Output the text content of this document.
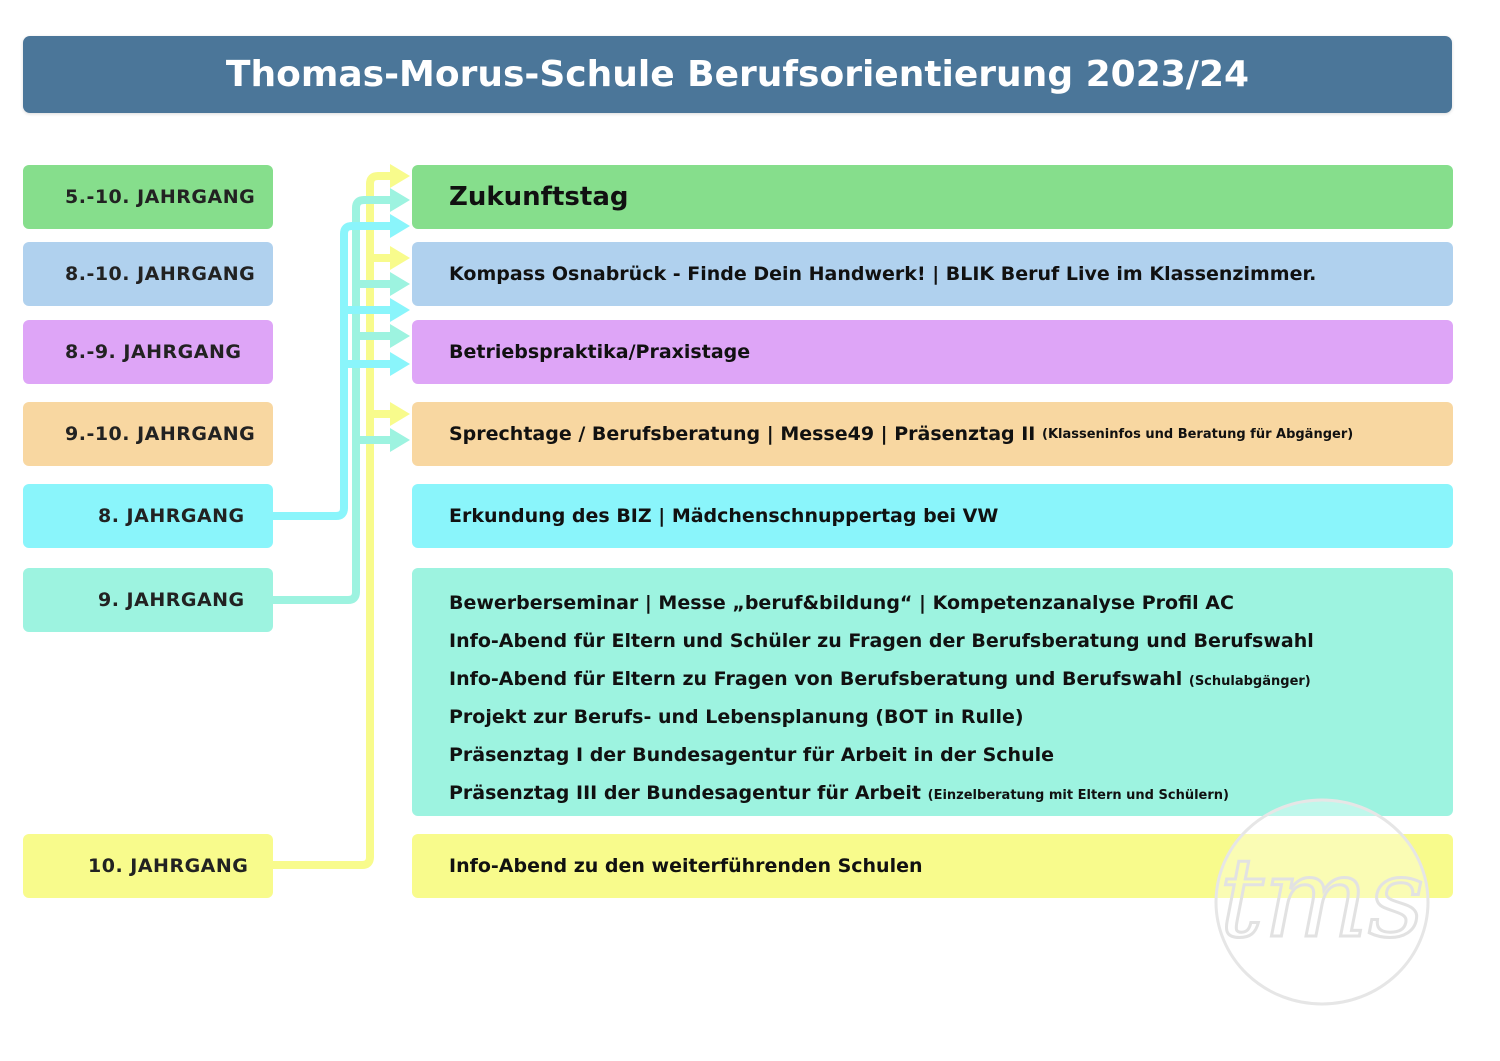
Thomas-Morus-Schule Berufsorientierung 2023/24
5.-10. JAHRGANG
8.-10. JAHRGANG
8.-9. JAHRGANG
9.-10. JAHRGANG
8. JAHRGANG
9. JAHRGANG
10. JAHRGANG
Zukunftstag
Kompass Osnabrück - Finde Dein Handwerk! | BLIK Beruf Live im Klassenzimmer.
Betriebspraktika/Praxistage
Sprechtage / Berufsberatung | Messe49 | Präsenztag II
(Klasseninfos und Beratung für Abgänger)
Erkundung des BIZ | Mädchenschnuppertag bei VW
Bewerberseminar | Messe „beruf&bildung“ | Kompetenzanalyse Profil AC
Info-Abend für Eltern und Schüler zu Fragen der Berufsberatung und Berufswahl
Info-Abend für Eltern zu Fragen von Berufsberatung und Berufswahl (Schulabgänger)
Projekt zur Berufs- und Lebensplanung (BOT in Rulle)
Präsenztag I der Bundesagentur für Arbeit in der Schule
Präsenztag III der Bundesagentur für Arbeit (Einzelberatung mit Eltern und Schülern)
Info-Abend zu den weiterführenden Schulen	tms
